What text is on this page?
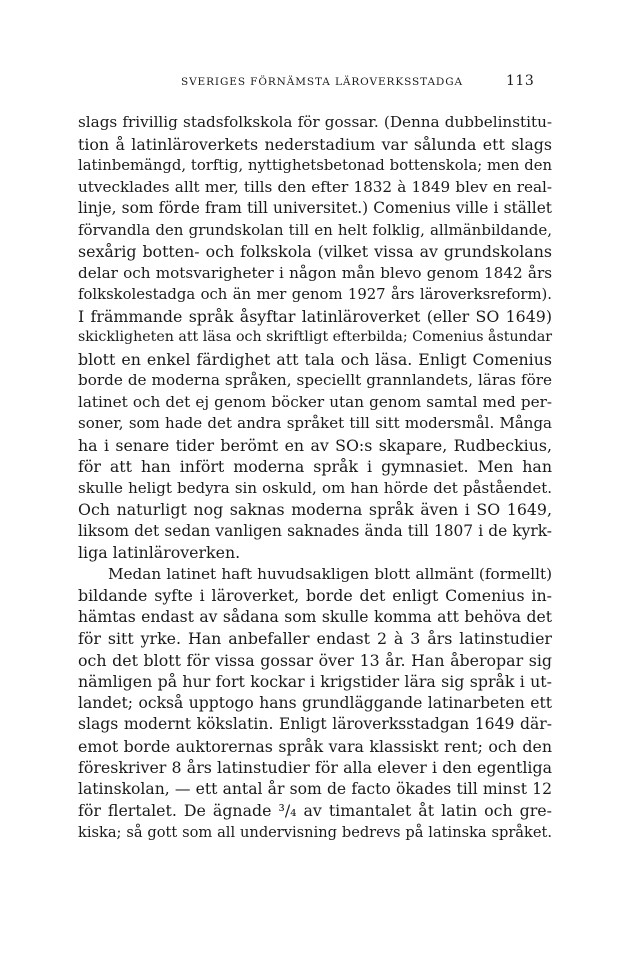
SVERIGES FÖRNÄMSTA LÄROVERKSSTADGA	113
slags frivillig stadsfolkskola för gossar. (Denna dubbelinstitu-
tion å latinläroverkets nederstadium var sålunda ett slags
latinbemängd, torftig, nyttighetsbetonad bottenskola; men den
utvecklades allt mer, tills den efter 1832 à 1849 blev en real-
linje, som förde fram till universitet.) Comenius ville i stället
förvandla den grundskolan till en helt folklig, allmänbildande,
sexårig botten- och folkskola (vilket vissa av grundskolans
delar och motsvarigheter i någon mån blevo genom 1842 års
folkskolestadga och än mer genom 1927 års läroverksreform).
I främmande språk åsyftar latinläroverket (eller SO 1649)
skickligheten att läsa och skriftligt efterbilda; Comenius åstundar
blott en enkel färdighet att tala och läsa. Enligt Comenius
borde de moderna språken, speciellt grannlandets, läras före
latinet och det ej genom böcker utan genom samtal med per-
soner, som hade det andra språket till sitt modersmål. Många
ha i senare tider berömt en av SO:s skapare, Rudbeckius,
för att han infört moderna språk i gymnasiet. Men han
skulle heligt bedyra sin oskuld, om han hörde det påståendet.
Och naturligt nog saknas moderna språk även i SO 1649,
liksom det sedan vanligen saknades ända till 1807 i de kyrk-
liga latinläroverken.
Medan latinet haft huvudsakligen blott allmänt (formellt)
bildande syfte i läroverket, borde det enligt Comenius in-
hämtas endast av sådana som skulle komma att behöva det
för sitt yrke. Han anbefaller endast 2 à 3 års latinstudier
och det blott för vissa gossar över 13 år. Han åberopar sig
nämligen på hur fort kockar i krigstider lära sig språk i ut-
landet; också upptogo hans grundläggande latinarbeten ett
slags modernt kökslatin. Enligt läroverksstadgan 1649 där-
emot borde auktorernas språk vara klassiskt rent; och den
föreskriver 8 års latinstudier för alla elever i den egentliga
latinskolan, — ett antal år som de facto ökades till minst 12
för flertalet. De ägnade ³/₄ av timantalet åt latin och gre-
kiska; så gott som all undervisning bedrevs på latinska språket.
